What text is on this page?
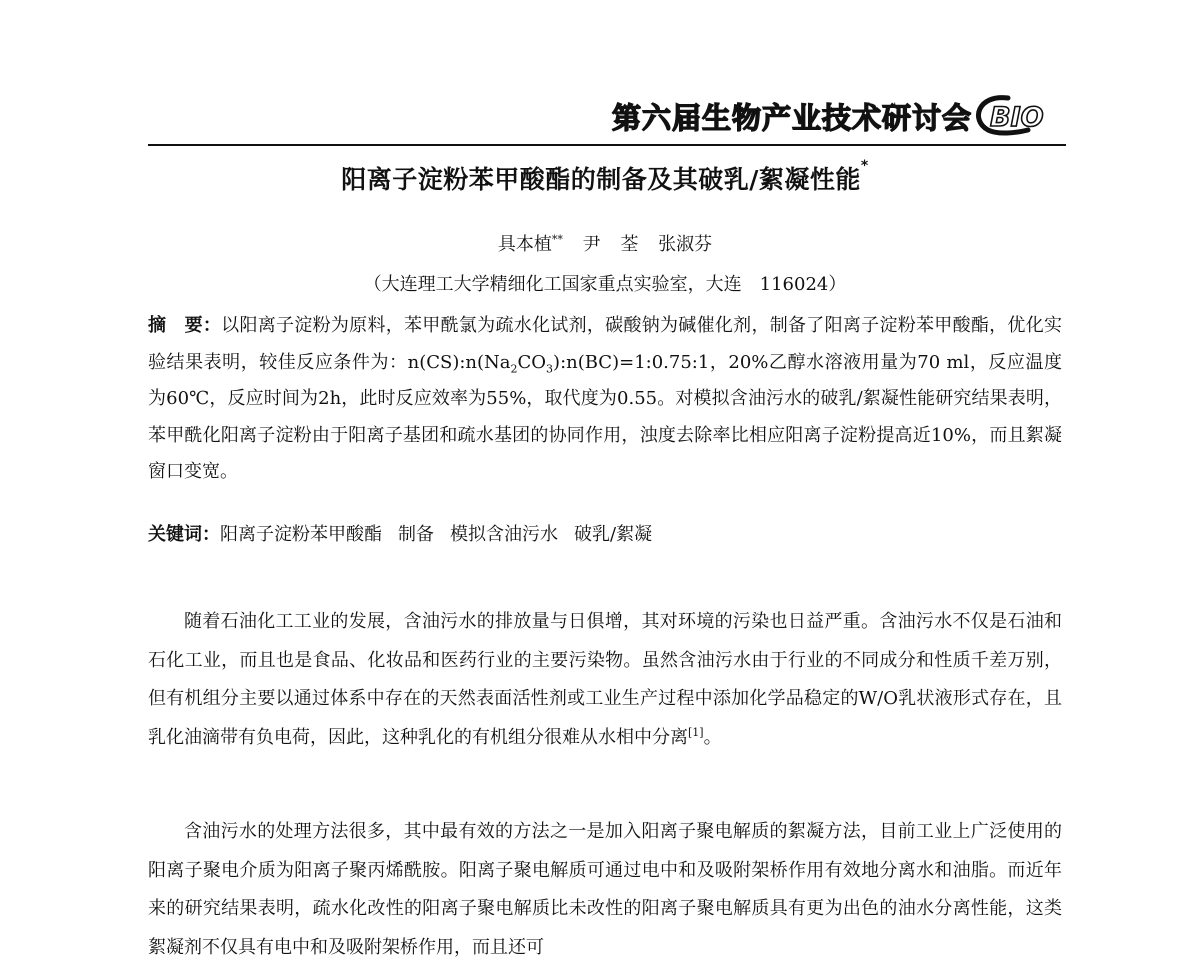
第六届生物产业技术研讨会 BIO
阳离子淀粉苯甲酸酯的制备及其破乳/絮凝性能*
具本植** 尹 荃 张淑芬
（大连理工大学精细化工国家重点实验室，大连　116024）
摘　要：以阳离子淀粉为原料，苯甲酰氯为疏水化试剂，碳酸钠为碱催化剂，制备了阳离子淀粉苯甲酸酯，优化实验结果表明，较佳反应条件为：$n(CS):n(Na_2CO_3):n(BC)=1:0.75:1$，20%乙醇水溶液用量为70 ml，反应温度为60℃，反应时间为2h，此时反应效率为55%，取代度为0.55。对模拟含油污水的破乳/絮凝性能研究结果表明，苯甲酰化阳离子淀粉由于阳离子基团和疏水基团的协同作用，浊度去除率比相应阳离子淀粉提高近10%，而且絮凝窗口变宽。
关键词：阳离子淀粉苯甲酸酯 制备 模拟含油污水 破乳/絮凝
随着石油化工工业的发展，含油污水的排放量与日俱增，其对环境的污染也日益严重。含油污水不仅是石油和石化工业，而且也是食品、化妆品和医药行业的主要污染物。虽然含油污水由于行业的不同成分和性质千差万别，但有机组分主要以通过体系中存在的天然表面活性剂或工业生产过程中添加化学品稳定的W/O乳状液形式存在，且乳化油滴带有负电荷，因此，这种乳化的有机组分很难从水相中分离[1]。
含油污水的处理方法很多，其中最有效的方法之一是加入阳离子聚电解质的絮凝方法，目前工业上广泛使用的阳离子聚电介质为阳离子聚丙烯酰胺。阳离子聚电解质可通过电中和及吸附架桥作用有效地分离水和油脂。而近年来的研究结果表明，疏水化改性的阳离子聚电解质比未改性的阳离子聚电解质具有更为出色的油水分离性能，这类絮凝剂不仅具有电中和及吸附架桥作用，而且还可
